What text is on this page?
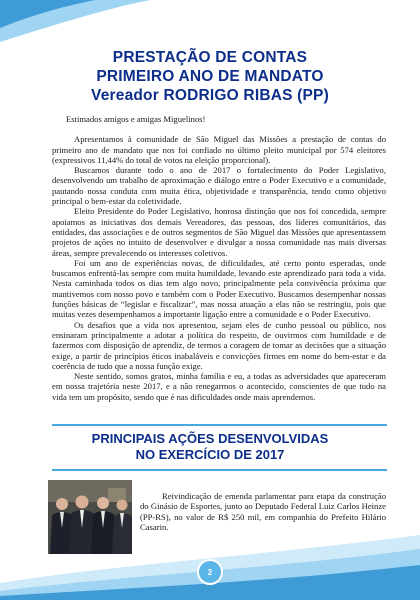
PRESTAÇÃO DE CONTAS
PRIMEIRO ANO DE MANDATO
Vereador RODRIGO RIBAS (PP)

Estimados amigos e amigas Miguelinos!

Apresentamos à comunidade de São Miguel das Missões a prestação de contas do primeiro ano de mandato que nos foi confiado no último pleito municipal por 574 eleitores (expressivos 11,44% do total de votos na eleição proporcional).

Buscamos durante todo o ano de 2017 o fortalecimento do Poder Legislativo, desenvolvendo um trabalho de aproximação e diálogo entre o Poder Executivo e a comunidade, pautando nossa conduta com muita ética, objetividade e transparência, tendo como objetivo principal o bem-estar da coletividade.

Eleito Presidente do Poder Legislativo, honrosa distinção que nos foi concedida, sempre apoiamos as iniciativas dos demais Vereadores, das pessoas, dos líderes comunitários, das entidades, das associações e de outros segmentos de São Miguel das Missões que apresentassem projetos de ações no intuito de desenvolver e divulgar a nossa comunidade nas mais diversas áreas, sempre prevalecendo os interesses coletivos.

Foi um ano de experiências novas, de dificuldades, até certo ponto esperadas, onde buscamos enfrentá-las sempre com muita humildade, levando este aprendizado para toda a vida. Nesta caminhada todos os dias tem algo novo, principalmente pela convivência próxima que mantivemos com nosso povo e também com o Poder Executivo. Buscamos desempenhar nossas funções básicas de “legislar e fiscalizar”, mas nossa atuação a elas não se restringiu, pois que muitas vezes desempenhamos a importante ligação entre a comunidade e o Poder Executivo.

Os desafios que a vida nos apresentou, sejam eles de cunho pessoal ou público, nos ensinaram principalmente a adotar a política do respeito, de ouvirmos com humildade e de fazermos com disposição de aprendiz, de termos a coragem de tomar as decisões que a situação exige, a partir de princípios éticos inabaláveis e convicções firmes em nome do bem-estar e da coerência de tudo que a nossa função exige.

Neste sentido, somos gratos, minha família e eu, a todas as adversidades que apareceram em nossa trajetória neste 2017, e a não renegarmos o acontecido, conscientes de que tudo na vida tem um propósito, sendo que é nas dificuldades onde mais aprendemos.

PRINCIPAIS AÇÕES DESENVOLVIDAS
NO EXERCÍCIO DE 2017

Reivindicação de emenda parlamentar para etapa da construção do Ginásio de Esportes, junto ao Deputado Federal Luiz Carlos Heinze (PP-RS), no valor de R$ 250 mil, em companhia do Prefeito Hilário Casarin.

2
